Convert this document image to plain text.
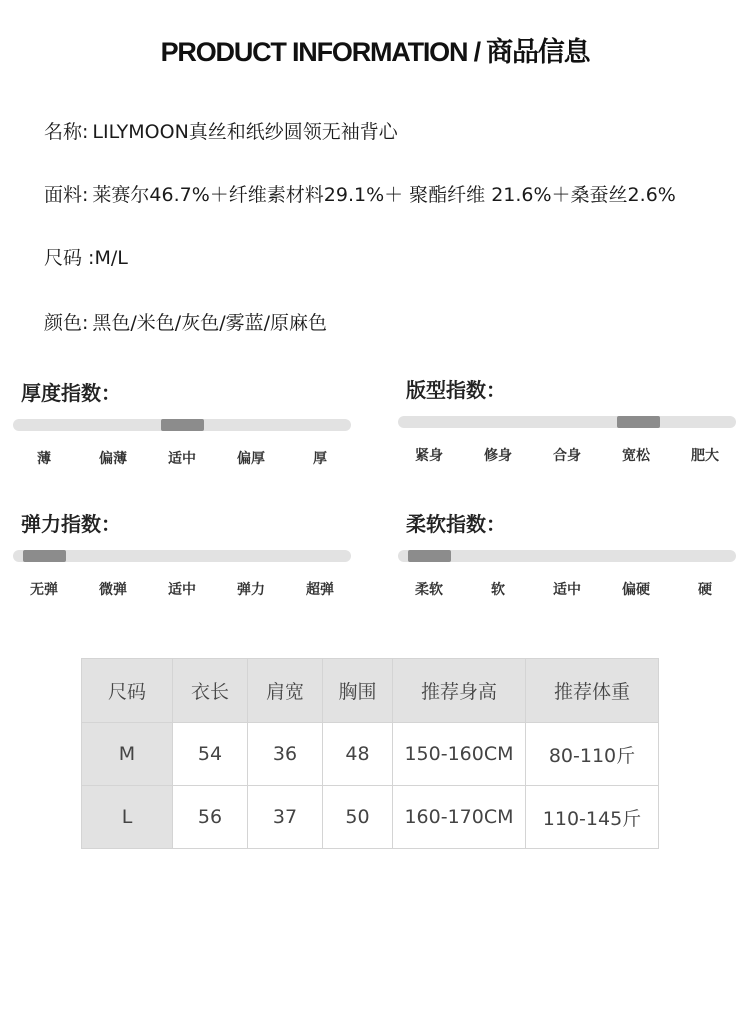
PRODUCT INFORMATION / 商品信息
名称: LILYMOON真丝和纸纱圆领无袖背心
面料: 莱赛尔46.7%＋纤维素材料29.1%＋ 聚酯纤维 21.6%＋桑蚕丝2.6%
尺码 :M/L
颜色: 黑色/米色/灰色/雾蓝/原麻色
厚度指数：
薄	偏薄	适中	偏厚	厚
版型指数：
紧身	修身	合身	宽松	肥大
弹力指数：
无弹	微弹	适中	弹力	超弹
柔软指数：
柔软	软	适中	偏硬	硬
尺码	衣长	肩宽	胸围	推荐身高	推荐体重
M	54	36	48	150-160CM	80-110斤
L	56	37	50	160-170CM	110-145斤
